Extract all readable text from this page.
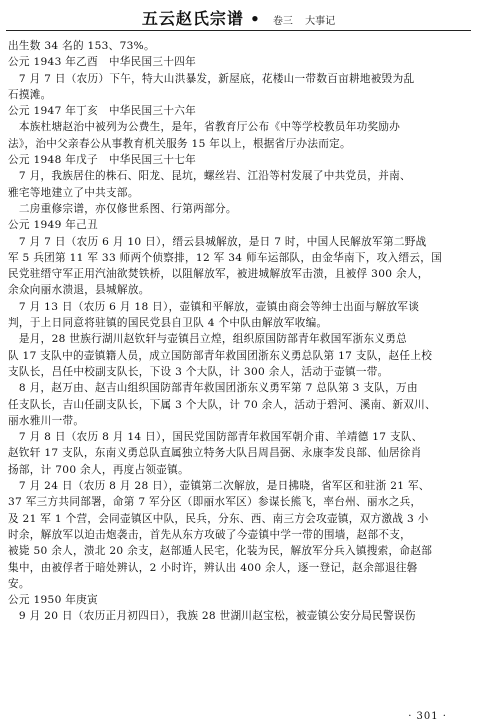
五云赵氏宗谱 • 卷三 大事记
出生数 34 名的 153、73%。
公元 1943 年乙酉　中华民国三十四年
　7 月 7 日（农历）下午，特大山洪暴发，新屋底，花楼山一带数百亩耕地被毁为乱
石摸滩。
公元 1947 年丁亥　中华民国三十六年
　本族杜塘赵治中被列为公费生，是年，省教育厅公布《中等学校教员年功奖励办
法》，治中父亲春公从事教育机关服务 15 年以上，根据省厅办法而定。
公元 1948 年戊子　中华民国三十七年
　7 月，我族居住的株石、阳龙、昆坑，螺丝岩、江沿等村发展了中共党员，并南、
雅宅等地建立了中共支部。
　二房重修宗谱，亦仅修世系图、行第两部分。
公元 1949 年己丑
　7 月 7 日（农历 6 月 10 日），缙云县城解放，是日 7 时，中国人民解放军第二野战
军 5 兵团第 11 军 33 师两个侦察排，12 军 34 师车运部队，由金华南下，攻入缙云，国
民党驻缙守军正用汽油欲焚铁桥，以阻解放军，被进城解放军击溃，且被俘 300 余人，
余众向丽水溃退，县城解放。
　7 月 13 日（农历 6 月 18 日），壶镇和平解放，壶镇由商会等绅士出面与解放军谈
判，于上日同意将驻镇的国民党县自卫队 4 个中队由解放军收编。
　是月，28 世族行湖川赵钦轩与壶镇吕立煌，组织原国防部青年救国军浙东义勇总
队 17 支队中的壶镇籍人员，成立国防部青年救国团浙东义勇总队第 17 支队，赵任上校
支队长，吕任中校副支队长，下设 3 个大队，计 300 余人，活动于壶镇一带。
　8 月，赵万由、赵吉山组织国防部青年救国团浙东义勇军第 7 总队第 3 支队，万由
任支队长，吉山任副支队长，下属 3 个大队，计 70 余人，活动于碧河、溪南、新双川、
丽水雅川一带。
　7 月 8 日（农历 8 月 14 日），国民党国防部青年救国军朝介甫、羊靖德 17 支队、
赵钦轩 17 支队，东南义勇总队直属独立特务大队吕周昌弼、永康李发良部、仙居徐肖
扬部，计 700 余人，再度占领壶镇。
　7 月 24 日（农历 8 月 28 日），壶镇第二次解放，是日拂晓，省军区和驻浙 21 军、
37 军三方共同部署，命第 7 军分区（即丽水军区）参谋长熊飞，率台州、丽水之兵，
及 21 军 1 个营，会同壶镇区中队，民兵，分东、西、南三方会攻壶镇，双方激战 3 小
时余，解放军以迫击炮袭击，首先从东方攻破了今壶镇中学一带的围墙，赵部不支，
被毙 50 余人，溃北 20 余支，赵部遁人民宅，化装为民，解放军分兵入镇搜索，命赵部
集中，由被俘者于暗处辨认，2 小时许，辨认出 400 余人，逐一登记，赵余部退往磐
安。
公元 1950 年庚寅
　9 月 20 日（农历正月初四日），我族 28 世湖川赵宝松，被壶镇公安分局民警误伤
· 301 ·
